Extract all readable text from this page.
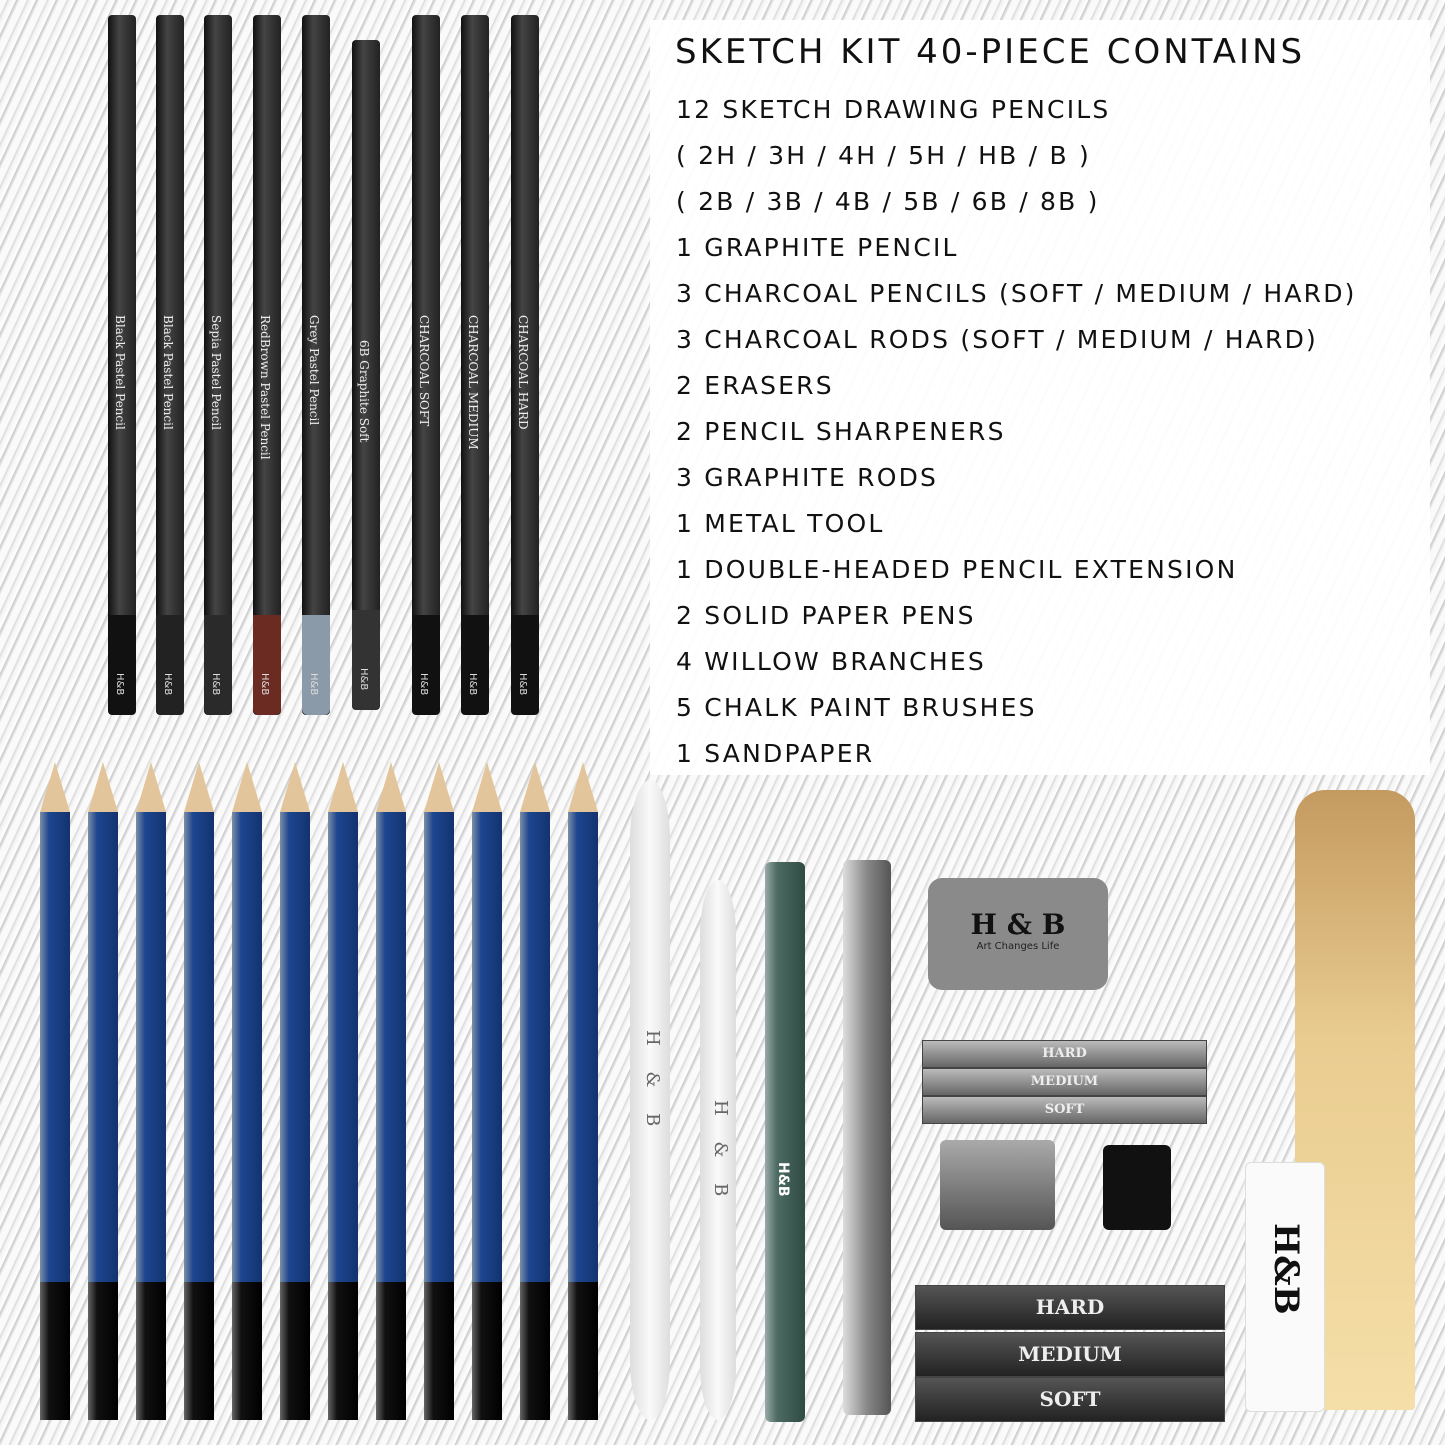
SKETCH KIT 40-PIECE CONTAINS
12 SKETCH DRAWING PENCILS
( 2H / 3H / 4H / 5H / HB / B )
( 2B / 3B / 4B / 5B / 6B / 8B )
1 GRAPHITE PENCIL
3 CHARCOAL PENCILS (SOFT / MEDIUM / HARD)
3 CHARCOAL RODS (SOFT / MEDIUM / HARD)
2 ERASERS
2 PENCIL SHARPENERS
3 GRAPHITE RODS
1 METAL TOOL
1 DOUBLE-HEADED PENCIL EXTENSION
2 SOLID PAPER PENS
4 WILLOW BRANCHES
5 CHALK PAINT BRUSHES
1 SANDPAPER
Black Pastel Pencil
H&B
Black Pastel Pencil
H&B
Sepia Pastel Pencil
H&B
RedBrown Pastel Pencil
H&B
Grey Pastel Pencil
H&B
6B Graphite Soft
H&B
CHARCOAL SOFT
H&B
CHARCOAL MEDIUM
H&B
CHARCOAL HARD
H&B
H & B
H & B	H&B
H & B
Art Changes Life
HARD
MEDIUM
SOFT
HARD
MEDIUM
SOFT
H&B
